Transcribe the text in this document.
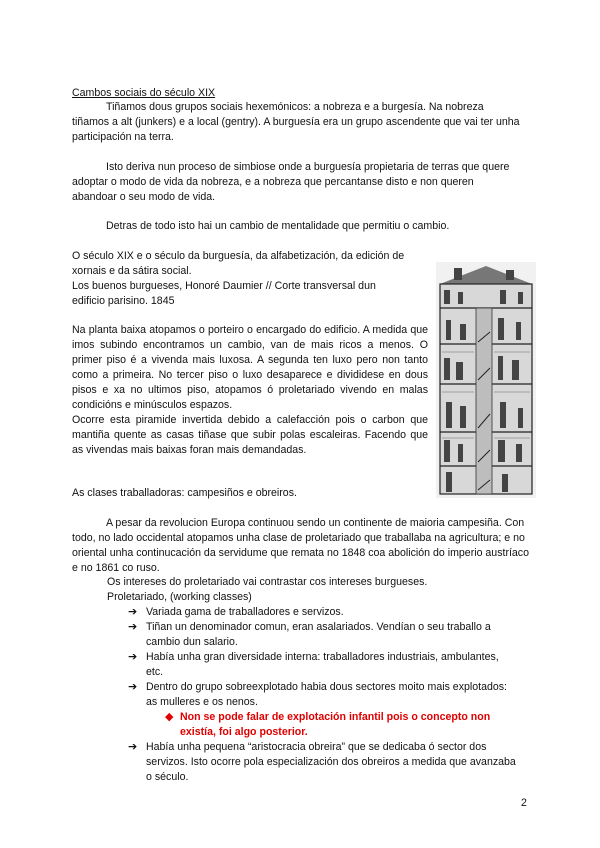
Cambos sociais do século XIX

Tiñamos dous grupos sociais hexemónicos: a nobreza e a burgesía. Na nobreza tiñamos a alt (junkers) e a local (gentry). A burguesía era un grupo ascendente que vai ter unha participación na terra.

Isto deriva nun proceso de simbiose onde a burguesía propietaria de terras que quere adoptar o modo de vida da nobreza, e a nobreza que percantanse disto e non queren abandoar o seu modo de vida.

Detras de todo isto hai un cambio de mentalidade que permitiu o cambio.

O século XIX e o século da burguesía, da alfabetización, da edición de
xornais e da sátira social.
Los buenos burgueses, Honoré Daumier // Corte transversal dun
edificio parisino. 1845

Na planta baixa atopamos o porteiro o encargado do edificio. A medida que imos subindo encontramos un cambio, van de mais ricos a menos. O primer piso é a vivenda mais luxosa. A segunda ten luxo pero non tanto como a primeira. No tercer piso o luxo desaparece e divididese en dous pisos e xa no ultimos piso, atopamos ó proletariado vivendo en malas condicións e minúsculos espazos.

Ocorre esta piramide invertida debido a calefacción pois o carbon que mantiña quente as casas tiñase que subir polas escaleiras. Facendo que as vivendas mais baixas foran mais demandadas.

As clases traballadoras: campesiños e obreiros.

A pesar da revolucion Europa continuou sendo un continente de maioria campesiña. Con todo, no lado occidental atopamos unha clase de proletariado que traballaba na agricultura; e no oriental unha continucación da servidume que remata no 1848 coa abolición do imperio austríaco e no 1861 co ruso.

Os intereses do proletariado vai contrastar cos intereses burgueses.
Proletariado, (working classes)
➔ Variada gama de traballadores e servizos.
➔ Tiñan un denominador comun, eran asalariados. Vendían o seu traballo a cambio dun salario.
➔ Había unha gran diversidade interna: traballadores industriais, ambulantes, etc.
➔ Dentro do grupo sobreexplotado habia dous sectores moito mais explotados: as mulleres e os nenos.
◆ Non se pode falar de explotación infantil pois o concepto non existía, foi algo posterior.
➔ Había unha pequena “aristocracia obreira” que se dedicaba ó sector dos servizos. Isto ocorre pola especialización dos obreiros a medida que avanzaba o século.
2
